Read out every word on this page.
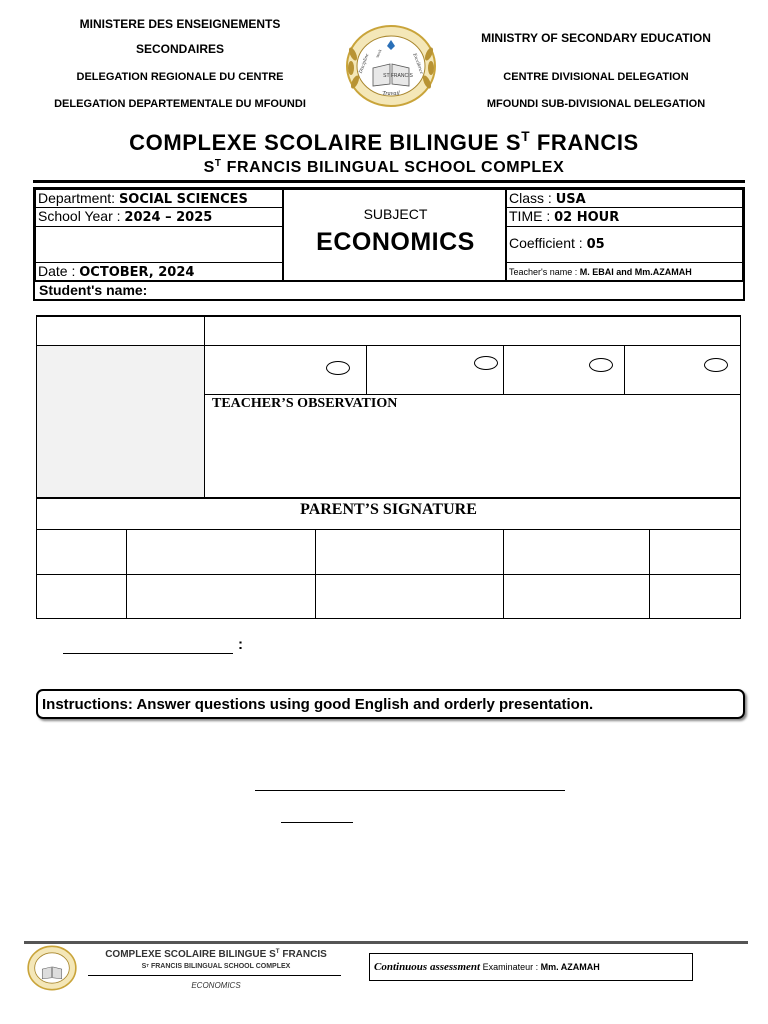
MINISTERE DES ENSEIGNEMENTS
SECONDAIRES
DELEGATION REGIONALE DU CENTRE
DELEGATION DEPARTEMENTALE DU MFOUNDI
MINISTRY OF SECONDARY EDUCATION
CENTRE DIVISIONAL DELEGATION
MFOUNDI SUB-DIVISIONAL DELEGATION
ST FRANCIS
Discipline Work	Excellence
Travail
COMPLEXE SCOLAIRE BILINGUE $S^T$ FRANCIS
$S^T$ FRANCIS BILINGUAL SCHOOL COMPLEX
Department: SOCIAL SCIENCES
School Year : 2024 – 2025
Date : OCTOBER, 2024
SUBJECT
ECONOMICS
Class : USA
TIME : 02 HOUR
Coefficient : 05
Teacher's name : M. EBAI and Mm.AZAMAH
Student's name:
TEACHER’S OBSERVATION
PARENT’S SIGNATURE
:
Instructions: Answer questions using good English and orderly presentation.
COMPLEXE SCOLAIRE BILINGUE $S^T$ FRANCIS
$S^T$ FRANCIS BILINGUAL SCHOOL COMPLEX
ECONOMICS
Continuous assessment Examinateur : Mm. AZAMAH
